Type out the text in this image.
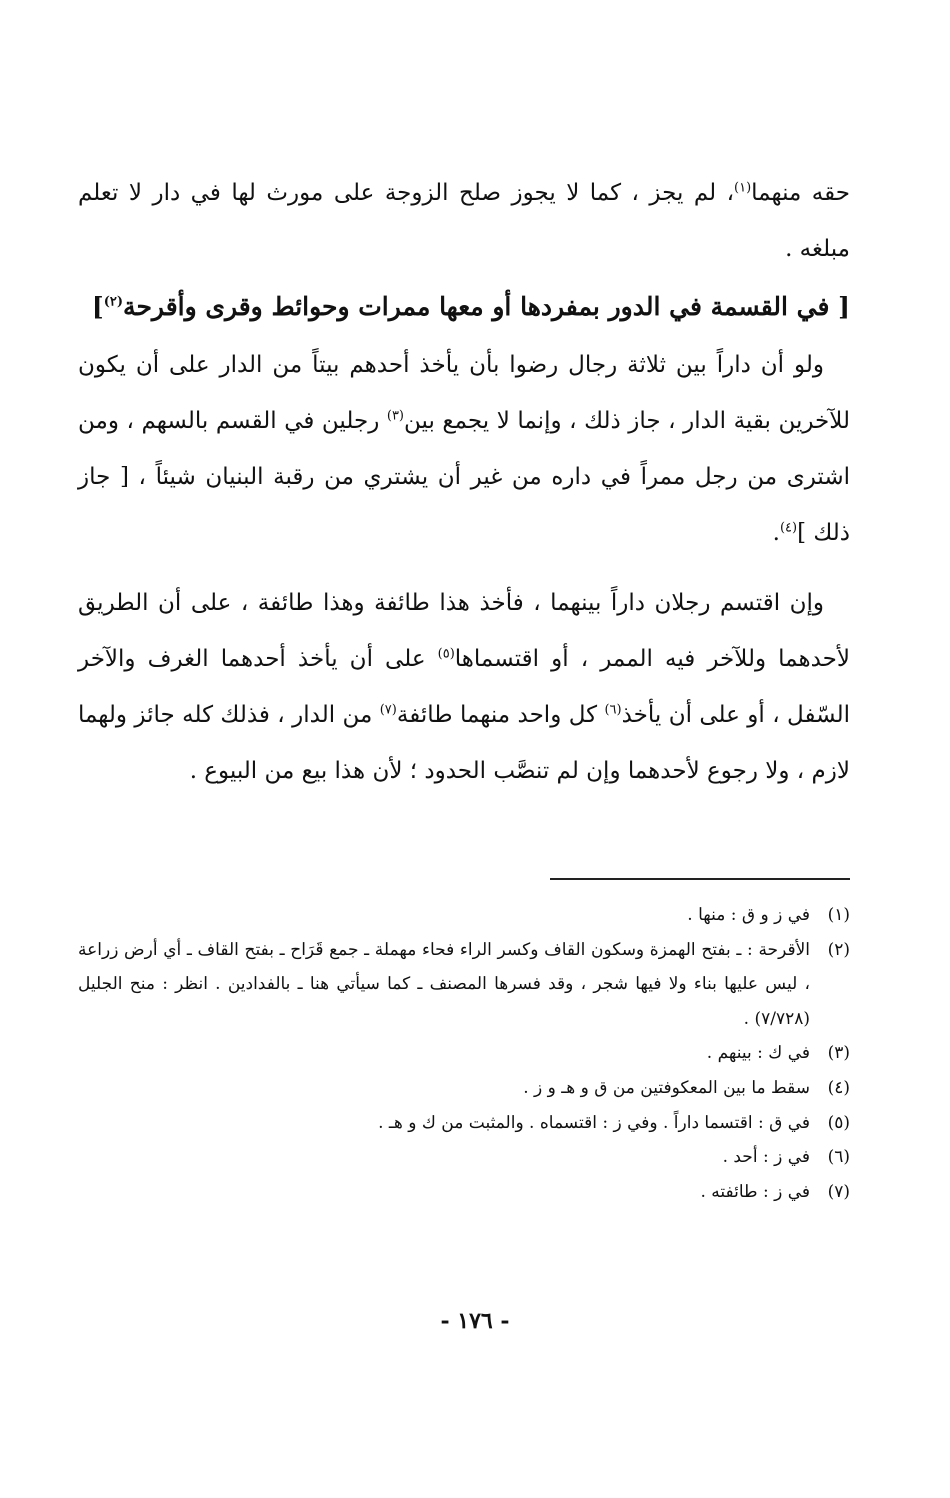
حقه منهما$^{(١)}$، لم يجز ، كما لا يجوز صلح الزوجة على مورث لها في دار لا تعلم مبلغه .

[ في القسمة في الدور بمفردها أو معها ممرات وحوائط وقرى وأقرحة$^{(٢)}$]

ولو أن داراً بين ثلاثة رجال رضوا بأن يأخذ أحدهم بيتاً من الدار على أن يكون للآخرين بقية الدار ، جاز ذلك ، وإنما لا يجمع بين$^{(٣)}$ رجلين في القسم بالسهم ، ومن اشترى من رجل ممراً في داره من غير أن يشتري من رقبة البنيان شيئاً ، [ جاز ذلك ]$^{(٤)}$.

وإن اقتسم رجلان داراً بينهما ، فأخذ هذا طائفة وهذا طائفة ، على أن الطريق لأحدهما وللآخر فيه الممر ، أو اقتسماها$^{(٥)}$ على أن يأخذ أحدهما الغرف والآخر السّفل ، أو على أن يأخذ$^{(٦)}$ كل واحد منهما طائفة$^{(٧)}$ من الدار ، فذلك كله جائز ولهما لازم ، ولا رجوع لأحدهما وإن لم تنصَّب الحدود ؛ لأن هذا بيع من البيوع .

(١)
في ز و ق : منها .
(٢)
الأقرحة : ـ بفتح الهمزة وسكون القاف وكسر الراء فحاء مهملة ـ جمع قَرَاح ـ بفتح القاف ـ أي أرض زراعة ، ليس عليها بناء ولا فيها شجر ، وقد فسرها المصنف ـ كما سيأتي هنا ـ بالفدادين . انظر : منح الجليل (٧/٧٢٨) .
(٣)
في ك : بينهم .
(٤)
سقط ما بين المعكوفتين من ق و هـ و ز .
(٥)
في ق : اقتسما داراً . وفي ز : اقتسماه . والمثبت من ك و هـ .
(٦)
في ز : أحد .
(٧)
في ز : طائفته .
- ١٧٦ -
